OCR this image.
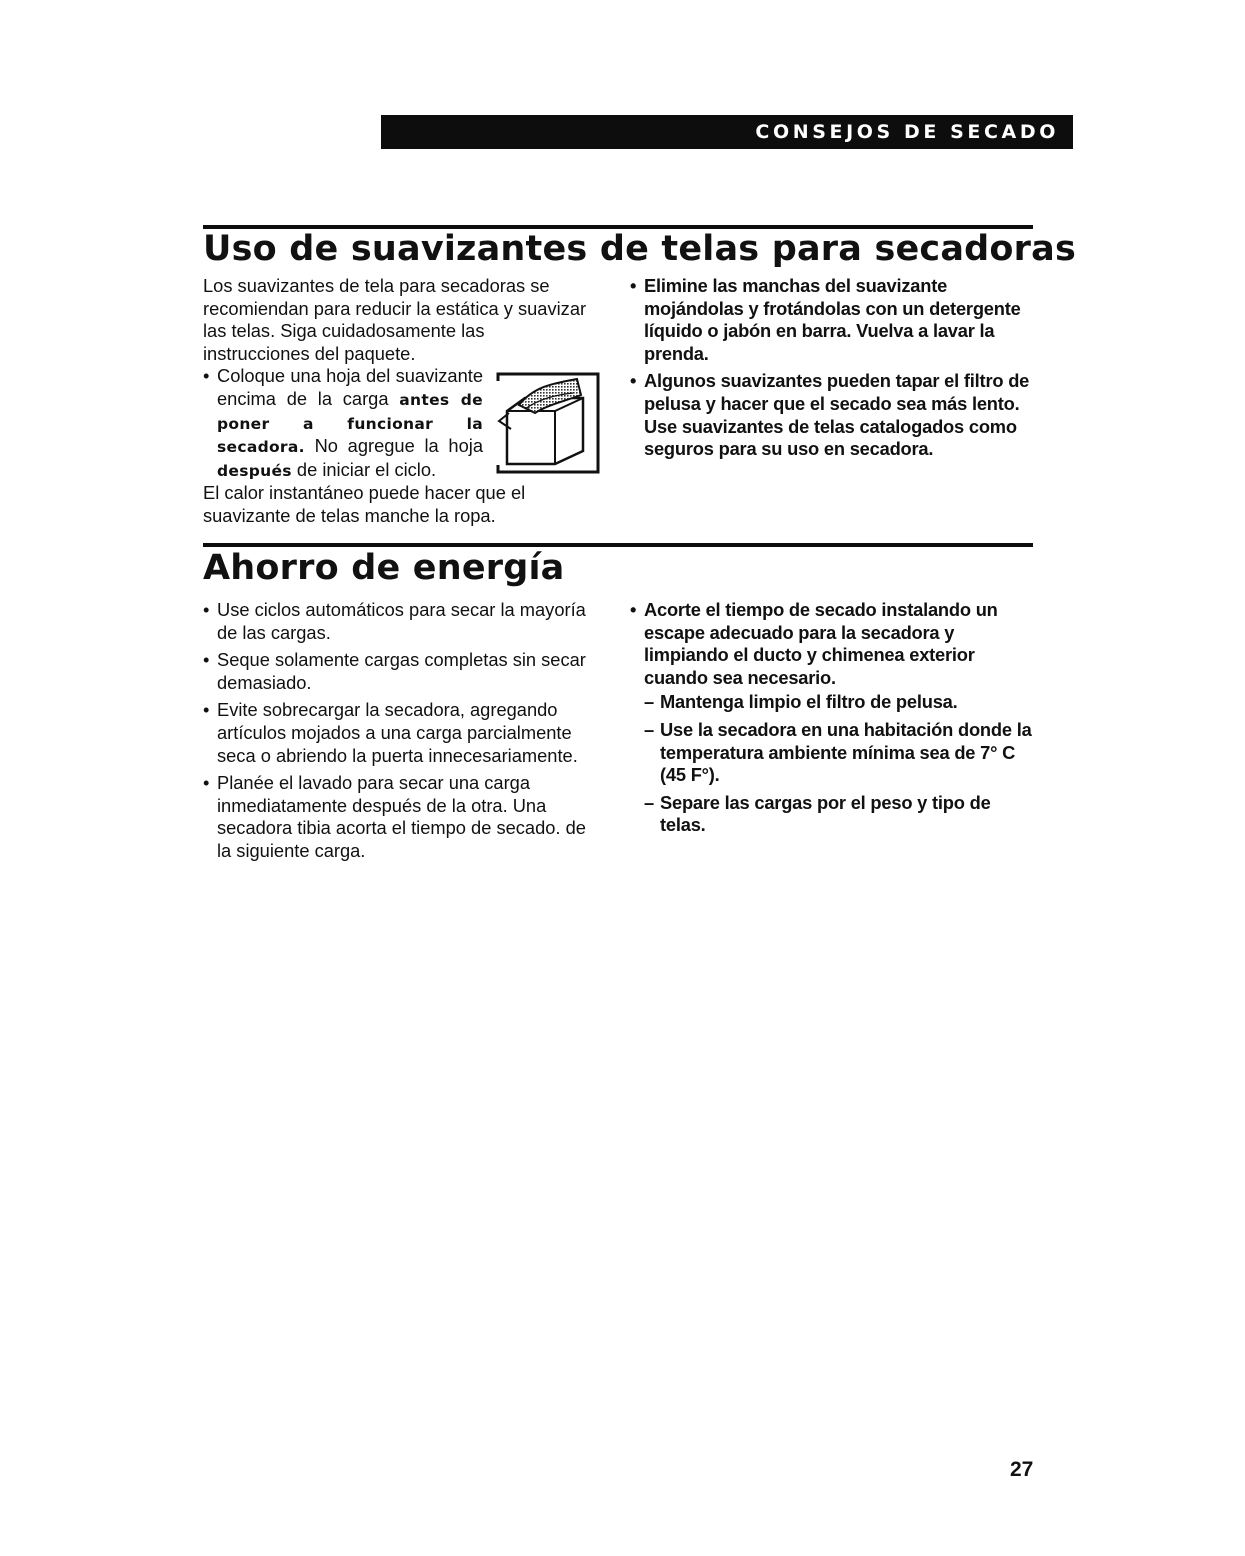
CONSEJOS DE SECADO
Uso de suavizantes de telas para secadoras

Los suavizantes de tela para secadoras se recomiendan para reducir la estática y suavizar las telas. Siga cuidadosamente las instrucciones del paquete.

• Coloque una hoja del suavizante encima de la carga antes de poner a funcionar la secadora. No agregue la hoja después de iniciar el ciclo.

El calor instantáneo puede hacer que el suavizante de telas manche la ropa.

• Elimine las manchas del suavizante mojándolas y frotándolas con un detergente líquido o jabón en barra. Vuelva a lavar la prenda.
• Algunos suavizantes pueden tapar el filtro de pelusa y hacer que el secado sea más lento. Use suavizantes de telas catalogados como seguros para su uso en secadora.
Ahorro de energía
• Use ciclos automáticos para secar la mayoría de las cargas.
• Seque solamente cargas completas sin secar demasiado.
• Evite sobrecargar la secadora, agregando artículos mojados a una carga parcialmente seca o abriendo la puerta innecesariamente.
• Planée el lavado para secar una carga inmediatamente después de la otra. Una secadora tibia acorta el tiempo de secado. de la siguiente carga.
• Acorte el tiempo de secado instalando un escape adecuado para la secadora y limpiando el ducto y chimenea exterior cuando sea necesario.
– Mantenga limpio el filtro de pelusa.
– Use la secadora en una habitación donde la temperatura ambiente mínima sea de 7° C (45 F°).
– Separe las cargas por el peso y tipo de telas.
27
